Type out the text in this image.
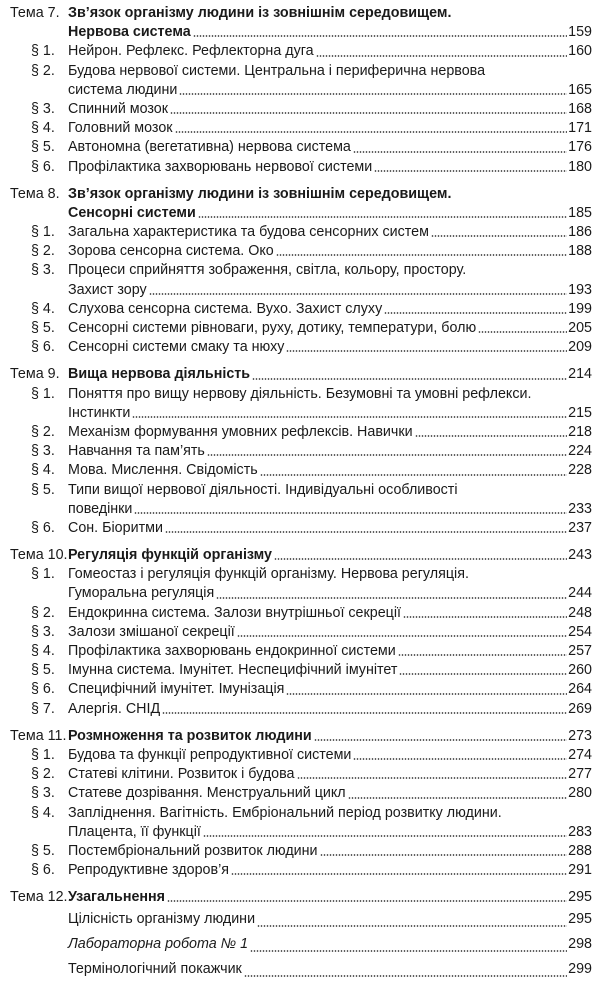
Тема 7. Зв’язок організму людини із зовнішнім середовищем.
Нервова система	159
§ 1. Нейрон. Рефлекс. Рефлекторна дуга	160
§ 2. Будова нервової системи. Центральна і периферична нервова
система людини	165
§ 3. Спинний мозок	168
§ 4. Головний мозок	171
§ 5. Автономна (вегетативна) нервова система	176
§ 6. Профілактика захворювань нервової системи	180
Тема 8. Зв’язок організму людини із зовнішнім середовищем.
Сенсорні системи	185
§ 1. Загальна характеристика та будова сенсорних систем	186
§ 2. Зорова сенсорна система. Око	188
§ 3. Процеси сприйняття зображення, світла, кольору, простору.
Захист зору	193
§ 4. Слухова сенсорна система. Вухо. Захист слуху	199
§ 5. Сенсорні системи рівноваги, руху, дотику, температури, болю	205
§ 6. Сенсорні системи смаку та нюху	209
Тема 9. Вища нервова діяльність	214
§ 1. Поняття про вищу нервову діяльність. Безумовні та умовні рефлекси.
Інстинкти	215
§ 2. Механізм формування умовних рефлексів. Навички	218
§ 3. Навчання та пам’ять	224
§ 4. Мова. Мислення. Свідомість	228
§ 5. Типи вищої нервової діяльності. Індивідуальні особливості
поведінки	233
§ 6. Сон. Біоритми	237
Тема 10. Регуляція функцій організму	243
§ 1. Гомеостаз і регуляція функцій організму. Нервова регуляція.
Гуморальна регуляція	244
§ 2. Ендокринна система. Залози внутрішньої секреції	248
§ 3. Залози змішаної секреції	254
§ 4. Профілактика захворювань ендокринної системи	257
§ 5. Імунна система. Імунітет. Неспецифічний імунітет	260
§ 6. Специфічний імунітет. Імунізація	264
§ 7. Алергія. СНІД	269
Тема 11. Розмноження та розвиток людини	273
§ 1. Будова та функції репродуктивної системи	274
§ 2. Статеві клітини. Розвиток і будова	277
§ 3. Статеве дозрівання. Менструальний цикл	280
§ 4. Запліднення. Вагітність. Ембріональний період розвитку людини.
Плацента, її функції	283
§ 5. Постембріональний розвиток людини	288
§ 6. Репродуктивне здоров’я	291
Тема 12. Узагальнення	295
Цілісність організму людини	295
Лабораторна робота № 1	298
Термінологічний покажчик	299
